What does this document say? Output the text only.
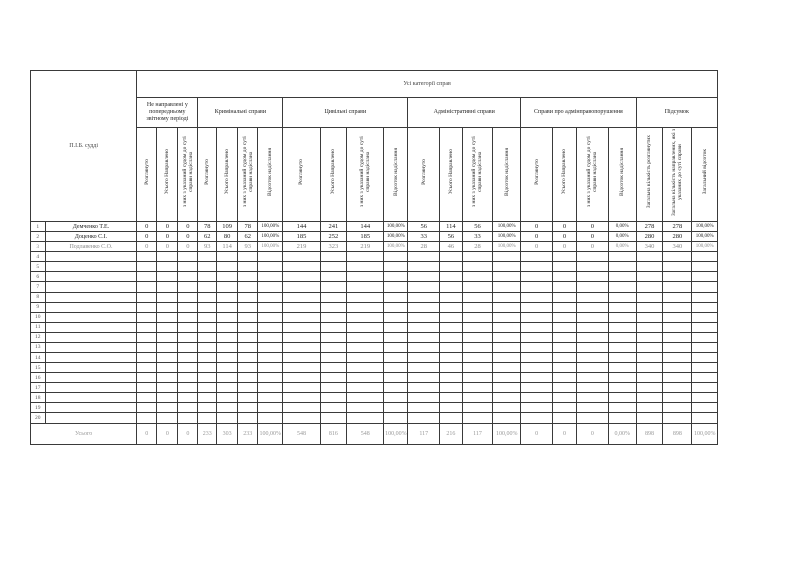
П.І.Б. судді		Усі категорії справ																					
		Не направлені у попередньому звітному періоді			Кримінальні справи				Цивільні справи				Адміністративні справи				Справи про адмінправопорушення				Підсумок		
		Розглянуто	Усього Направлено	з них з указаний судом до суті справи надіслана	Розглянуто	Усього Направлено	з них з указаний судом до суті справи надіслана	Відсоток надіслання	Розглянуто	Усього Направлено	з них з указаний судом до суті справи надіслана	Відсоток надіслання	Розглянуто	Усього Направлено	з них з указаний судом до суті справи надіслана	Відсоток надіслання	Розглянуто	Усього Направлено	з них з указаний судом до суті справи надіслана	Відсоток надіслання	Загальна кількість розглянутих	Загальна кількість направлених, які з указаних до суті справи	Загальний відсоток
1	Демченко Т.Е.	0	0	0	78	109	78	100,00%	144	241	144	100,00%	56	114	56	100,00%	0	0	0	0,00%	278	278	100,00%
2	Доценко С.І.	0	0	0	62	80	62	100,00%	185	252	185	100,00%	33	56	33	100,00%	0	0	0	0,00%	280	280	100,00%
3	Подлавенко С.О.	0	0	0	93	114	93	100,00%	219	323	219	100,00%	28	46	28	100,00%	0	0	0	0,00%	340	340	100,00%
4																							
5																							
6																							
7																							
8																							
9																							
10																							
11																							
12																							
13																							
14																							
15																							
16																							
17																							
18																							
19																							
20																							
Усього		0	0	0	233	303	233	100,00%	548	816	548	100,00%	117	216	117	100,00%	0	0	0	0,00%	898	898	100,00%
